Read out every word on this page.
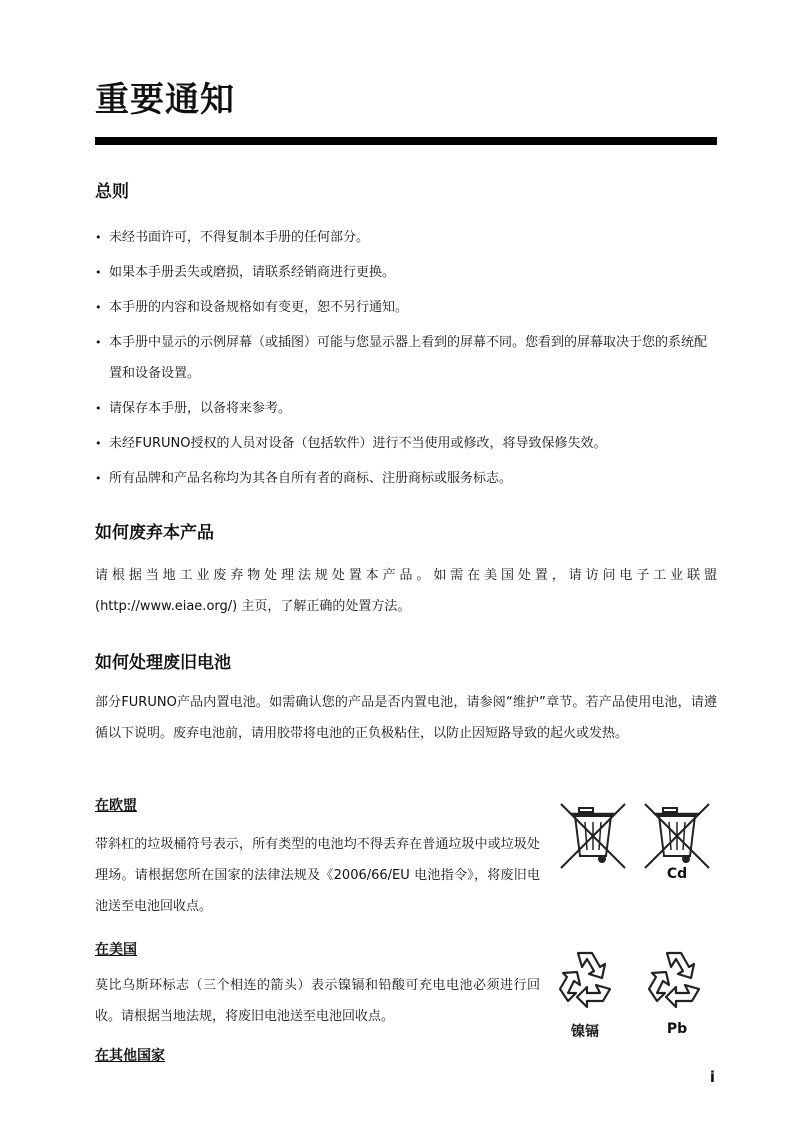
重要通知
总则
• 未经书面许可，不得复制本手册的任何部分。
• 如果本手册丢失或磨损，请联系经销商进行更换。
• 本手册的内容和设备规格如有变更，恕不另行通知。
• 本手册中显示的示例屏幕（或插图）可能与您显示器上看到的屏幕不同。您看到的屏幕取决于您的系统配置和设备设置。
• 请保存本手册，以备将来参考。
• 未经FURUNO授权的人员对设备（包括软件）进行不当使用或修改，将导致保修失效。
• 所有品牌和产品名称均为其各自所有者的商标、注册商标或服务标志。
如何废弃本产品

请根据当地工业废弃物处理法规处置本产品。如需在美国处置，请访问电子工业联盟(http://www.eiae.org/) 主页，了解正确的处置方法。

如何处理废旧电池

部分FURUNO产品内置电池。如需确认您的产品是否内置电池，请参阅“维护”章节。若产品使用电池，请遵循以下说明。废弃电池前，请用胶带将电池的正负极粘住，以防止因短路导致的起火或发热。

在欧盟

带斜杠的垃圾桶符号表示，所有类型的电池均不得丢弃在普通垃圾中或垃圾处理场。请根据您所在国家的法律法规及《2006/66/EU 电池指令》，将废旧电池送至电池回收点。

Cd
在美国

莫比乌斯环标志（三个相连的箭头）表示镍镉和铅酸可充电电池必须进行回收。请根据当地法规，将废旧电池送至电池回收点。

镍镉	Pb
在其他国家
i
